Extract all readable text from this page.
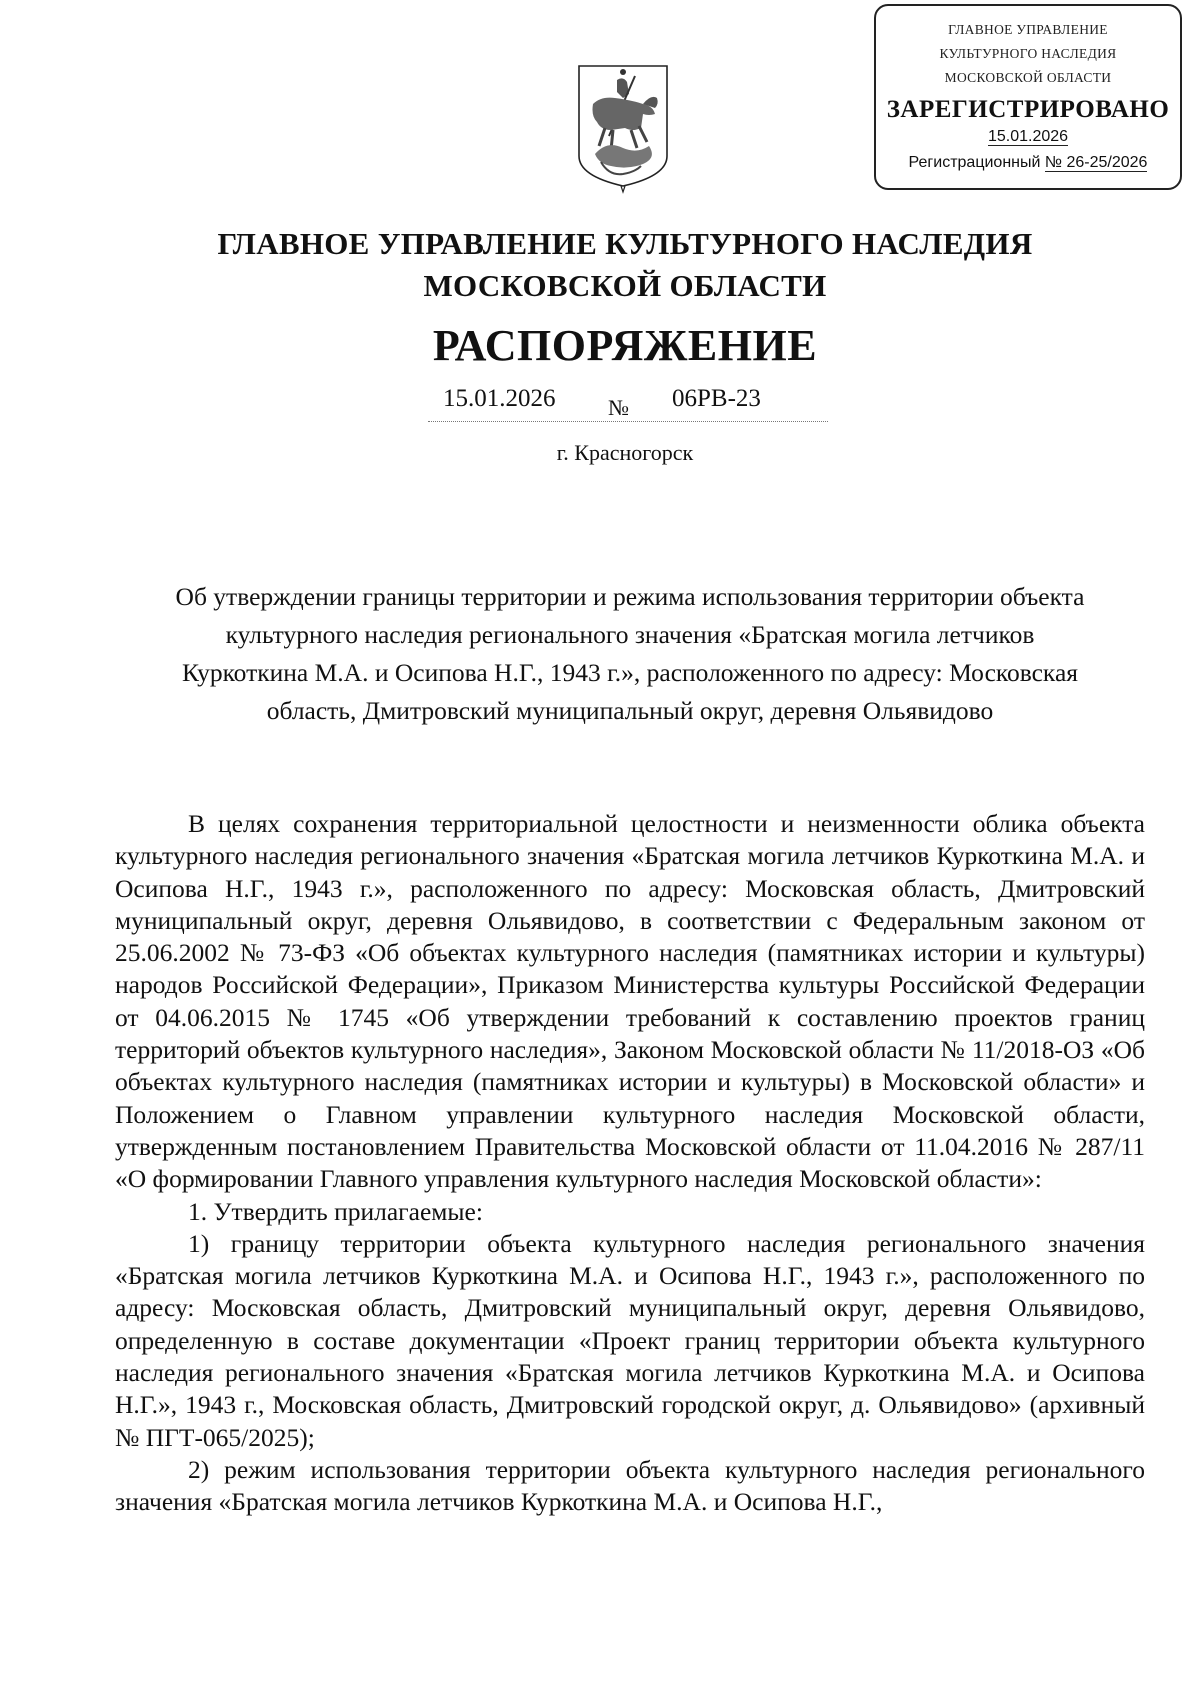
ГЛАВНОЕ УПРАВЛЕНИЕ
КУЛЬТУРНОГО НАСЛЕДИЯ
МОСКОВСКОЙ ОБЛАСТИ
ЗАРЕГИСТРИРОВАНО
15.01.2026
Регистрационный № 26-25/2026
ГЛАВНОЕ УПРАВЛЕНИЕ КУЛЬТУРНОГО НАСЛЕДИЯ
МОСКОВСКОЙ ОБЛАСТИ
РАСПОРЯЖЕНИЕ
15.01.2026 № 06РВ-23
г. Красногорск
Об утверждении границы территории и режима использования территории объекта
культурного наследия регионального значения «Братская могила летчиков
Куркоткина М.А. и Осипова Н.Г., 1943 г.», расположенного по адресу: Московская
область, Дмитровский муниципальный округ, деревня Ольявидово

В целях сохранения территориальной целостности и неизменности облика объекта культурного наследия регионального значения «Братская могила летчиков Куркоткина М.А. и Осипова Н.Г., 1943 г.», расположенного по адресу: Московская область, Дмитровский муниципальный округ, деревня Ольявидово, в соответствии с Федеральным законом от 25.06.2002 № 73-ФЗ «Об объектах культурного наследия (памятниках истории и культуры) народов Российской Федерации», Приказом Министерства культуры Российской Федерации от 04.06.2015 № 1745 «Об утверждении требований к составлению проектов границ территорий объектов культурного наследия», Законом Московской области № 11/2018-ОЗ «Об объектах культурного наследия (памятниках истории и культуры) в Московской области» и Положением о Главном управлении культурного наследия Московской области, утвержденным постановлением Правительства Московской области от 11.04.2016 № 287/11 «О формировании Главного управления культурного наследия Московской области»:

1. Утвердить прилагаемые:

1) границу территории объекта культурного наследия регионального значения «Братская могила летчиков Куркоткина М.А. и Осипова Н.Г., 1943 г.», расположенного по адресу: Московская область, Дмитровский муниципальный округ, деревня Ольявидово, определенную в составе документации «Проект границ территории объекта культурного наследия регионального значения «Братская могила летчиков Куркоткина М.А. и Осипова Н.Г.», 1943 г., Московская область, Дмитровский городской округ, д. Ольявидово» (архивный № ПГТ-065/2025);

2) режим использования территории объекта культурного наследия регионального значения «Братская могила летчиков Куркоткина М.А. и Осипова Н.Г.,
